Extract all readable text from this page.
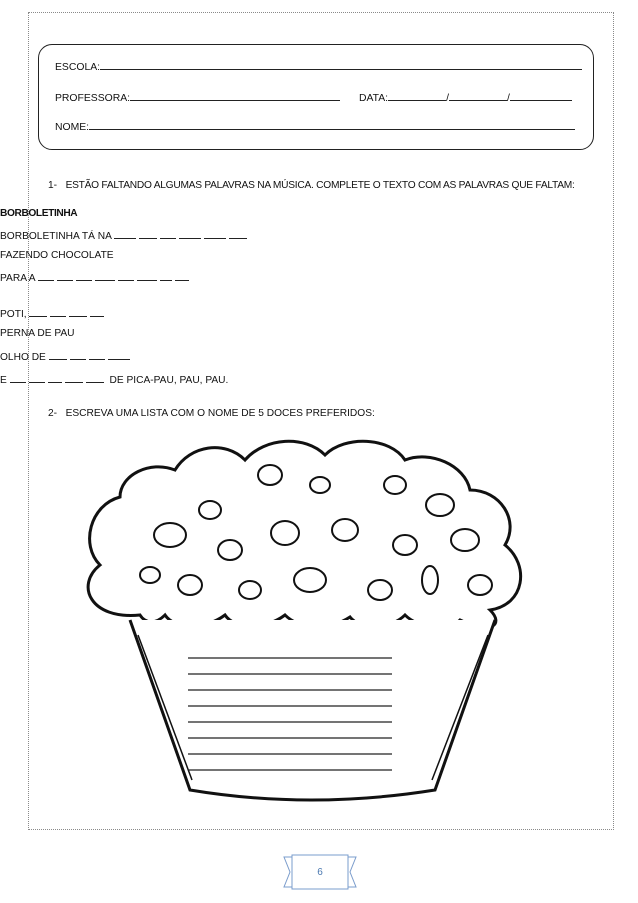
ESCOLA:
PROFESSORA:	DATA:	/	/
NOME:
1- ESTÃO FALTANDO ALGUMAS PALAVRAS NA MÚSICA. COMPLETE O TEXTO COM AS PALAVRAS QUE FALTAM:
BORBOLETINHA
BORBOLETINHA TÁ NA
FAZENDO CHOCOLATE
PARA A
POTI,
PERNA DE PAU
OLHO DE
E	DE PICA-PAU, PAU, PAU.
2- ESCREVA UMA LISTA COM O NOME DE 5 DOCES PREFERIDOS:
6
